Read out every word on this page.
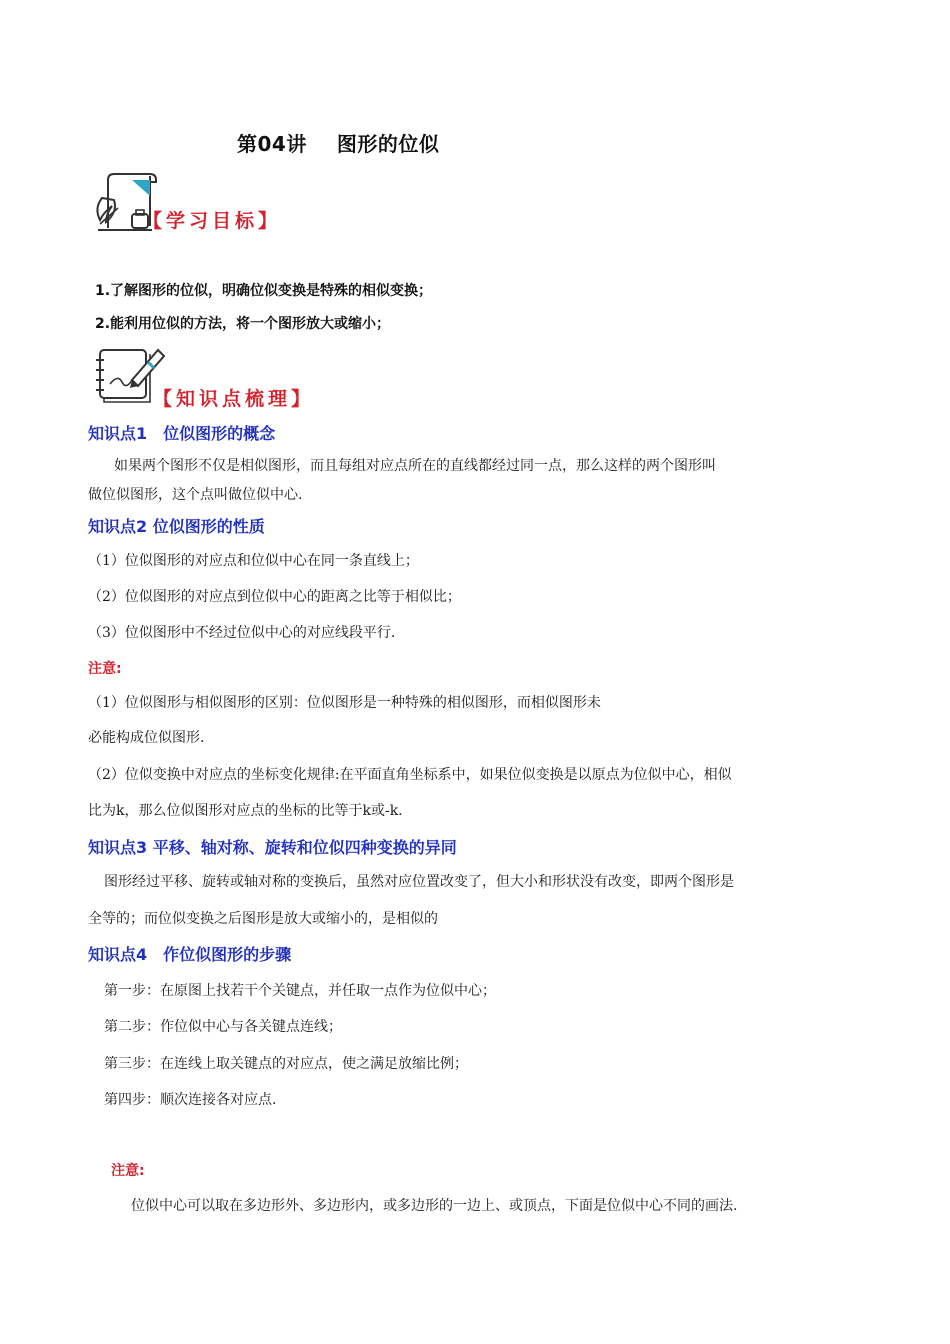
第04讲 图形的位似
【学习目标】
1.了解图形的位似，明确位似变换是特殊的相似变换；
2.能利用位似的方法，将一个图形放大或缩小；
【知识点梳理】
知识点1　位似图形的概念
如果两个图形不仅是相似图形，而且每组对应点所在的直线都经过同一点，那么这样的两个图形叫
做位似图形，这个点叫做位似中心.
知识点2 位似图形的性质
（1）位似图形的对应点和位似中心在同一条直线上；
（2）位似图形的对应点到位似中心的距离之比等于相似比；
（3）位似图形中不经过位似中心的对应线段平行.
注意:
（1）位似图形与相似图形的区别：位似图形是一种特殊的相似图形，而相似图形未
必能构成位似图形.
（2）位似变换中对应点的坐标变化规律:在平面直角坐标系中，如果位似变换是以原点为位似中心，相似
比为k，那么位似图形对应点的坐标的比等于k或-k.
知识点3 平移、轴对称、旋转和位似四种变换的异同
图形经过平移、旋转或轴对称的变换后，虽然对应位置改变了，但大小和形状没有改变，即两个图形是
全等的；而位似变换之后图形是放大或缩小的，是相似的
知识点4　作位似图形的步骤
第一步：在原图上找若干个关键点，并任取一点作为位似中心；
第二步：作位似中心与各关键点连线；
第三步：在连线上取关键点的对应点，使之满足放缩比例；
第四步：顺次连接各对应点.
注意:
位似中心可以取在多边形外、多边形内，或多边形的一边上、或顶点，下面是位似中心不同的画法.
